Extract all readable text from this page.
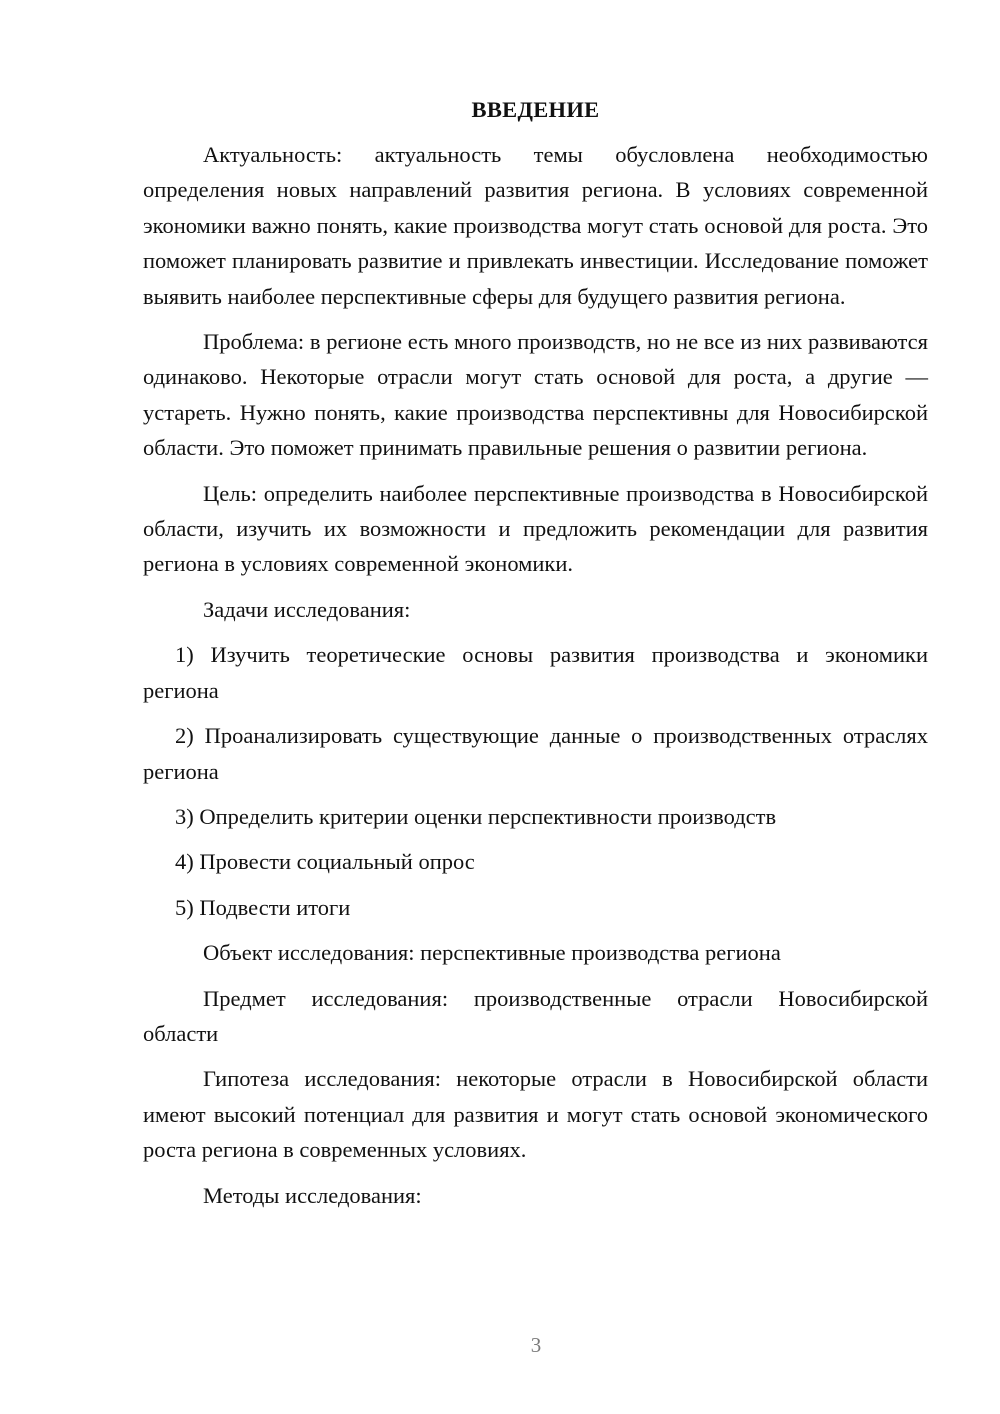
ВВЕДЕНИЕ

Актуальность: актуальность темы обусловлена необходимостью определения новых направлений развития региона. В условиях современной экономики важно понять, какие производства могут стать основой для роста. Это поможет планировать развитие и привлекать инвестиции. Исследование поможет выявить наиболее перспективные сферы для будущего развития региона.

Проблема: в регионе есть много производств, но не все из них развиваются одинаково. Некоторые отрасли могут стать основой для роста, а другие — устареть. Нужно понять, какие производства перспективны для Новосибирской области. Это поможет принимать правильные решения о развитии региона.

Цель: определить наиболее перспективные производства в Новосибирской области, изучить их возможности и предложить рекомендации для развития региона в условиях современной экономики.

Задачи исследования:

1) Изучить теоретические основы развития производства и экономики региона

2) Проанализировать существующие данные о производственных отраслях региона

3) Определить критерии оценки перспективности производств

4) Провести социальный опрос

5) Подвести итоги

Объект исследования: перспективные производства региона

Предмет исследования: производственные отрасли Новосибирской области

Гипотеза исследования: некоторые отрасли в Новосибирской области имеют высокий потенциал для развития и могут стать основой экономического роста региона в современных условиях.

Методы исследования:

3
